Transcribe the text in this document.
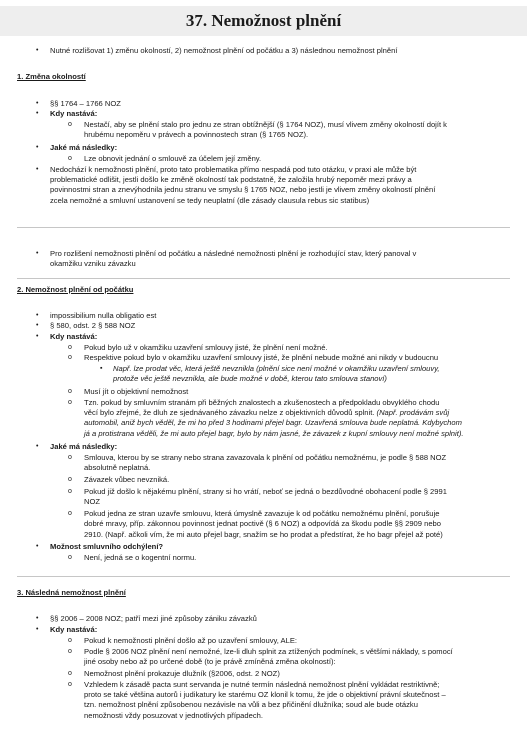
37. Nemožnost plnění
• Nutné rozlišovat 1) změnu okolností, 2) nemožnost plnění od počátku a 3) následnou nemožnost plnění
1. Změna okolností
• §§ 1764 – 1766 NOZ
• Kdy nastává:
o Nestačí, aby se plnění stalo pro jednu ze stran obtížnější (§ 1764 NOZ), musí vlivem změny okolností dojít k
hrubému nepoměru v právech a povinnostech stran (§ 1765 NOZ).
• Jaké má následky:
o Lze obnovit jednání o smlouvě za účelem její změny.
• Nedochází k nemožnosti plnění, proto tato problematika přímo nespadá pod tuto otázku, v praxi ale může být
problematické odlišit, jestli došlo ke změně okolností tak podstatně, že založila hrubý nepoměr mezi právy a
povinnostmi stran a znevýhodnila jednu stranu ve smyslu § 1765 NOZ, nebo jestli je vlivem změny okolností plnění
zcela nemožné a smluvní ustanovení se tedy neuplatní (dle zásady clausula rebus sic statibus)
• Pro rozlišení nemožnosti plnění od počátku a následné nemožnosti plnění je rozhodující stav, který panoval v
okamžiku vzniku závazku
2. Nemožnost plnění od počátku
• impossibilium nulla obligatio est
• § 580, odst. 2 § 588 NOZ
• Kdy nastává:
o Pokud bylo už v okamžiku uzavření smlouvy jisté, že plnění není možné.
o Respektive pokud bylo v okamžiku uzavření smlouvy jisté, že plnění nebude možné ani nikdy v budoucnu
▪ Např. lze prodat věc, která ještě nevznikla (plnění sice není možné v okamžiku uzavření smlouvy,
protože věc ještě nevznikla, ale bude možné v době, kterou tato smlouva stanoví)
o Musí jít o objektivní nemožnost
o Tzn. pokud by smluvním stranám při běžných znalostech a zkušenostech a předpokladu obvyklého chodu
věcí bylo zřejmé, že dluh ze sjednávaného závazku nelze z objektivních důvodů splnit. (Např. prodávám svůj
automobil, aniž bych věděl, že mi ho před 3 hodinami přejel bagr. Uzavřená smlouva bude neplatná. Kdybychom
já a protistrana věděli, že mi auto přejel bagr, bylo by nám jasné, že závazek z kupní smlouvy není možné splnit).
• Jaké má následky:
o Smlouva, kterou by se strany nebo strana zavazovala k plnění od počátku nemožnému, je podle § 588 NOZ
absolutně neplatná.
o Závazek vůbec nevzniká.
o Pokud již došlo k nějakému plnění, strany si ho vrátí, neboť se jedná o bezdůvodné obohacení podle § 2991
NOZ
o Pokud jedna ze stran uzavře smlouvu, která úmyslně zavazuje k od počátku nemožnému plnění, porušuje
dobré mravy, příp. zákonnou povinnost jednat poctivě (§ 6 NOZ) a odpovídá za škodu podle §§ 2909 nebo
2910. (Např. ačkoli vím, že mi auto přejel bagr, snažím se ho prodat a předstírat, že ho bagr přejel až poté)
• Možnost smluvního odchýlení?
o Není, jedná se o kogentní normu.
3. Následná nemožnost plnění
• §§ 2006 – 2008 NOZ; patří mezi jiné způsoby zániku závazků
• Kdy nastává:
o Pokud k nemožnosti plnění došlo až po uzavření smlouvy, ALE:
o Podle § 2006 NOZ plnění není nemožné, lze-li dluh splnit za ztížených podmínek, s většími náklady, s pomocí
jiné osoby nebo až po určené době (to je právě zmíněná změna okolností):
o Nemožnost plnění prokazuje dlužník (§2006, odst. 2 NOZ)
o Vzhledem k zásadě pacta sunt servanda je nutné termín následná nemožnost plnění vykládat restriktivně;
proto se také většina autorů i judikatury ke starému OZ klonil k tomu, že jde o objektivní právní skutečnost –
tzn. nemožnost plnění způsobenou nezávisle na vůli a bez přičinění dlužníka; soud ale bude otázku
nemožnosti vždy posuzovat v jednotlivých případech.
